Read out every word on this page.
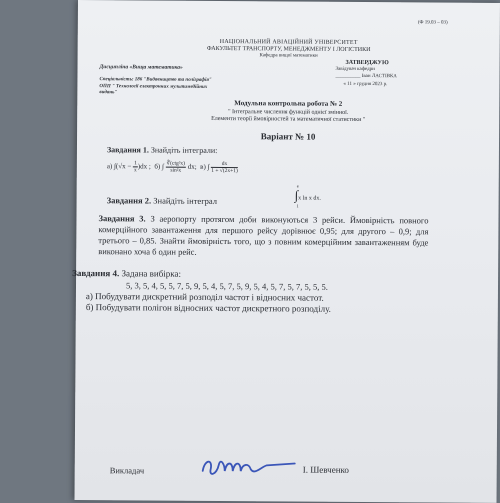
(Ф 19.03 – 03)
НАЦІОНАЛЬНИЙ АВІАЦІЙНИЙ УНІВЕРСИТЕТ
ФАКУЛЬТЕТ ТРАНСПОРТУ, МЕНЕДЖМЕНТУ І ЛОГІСТИКИ
Кафедра вищої математики
ЗАТВЕРДЖУЮ
Завідувач кафедри
__________ Іван ЛАСТІВКА
« 11 » грудня 2023 р.
Дисципліна «Вища математика»
Спеціальність: 186 "Видавництво та поліграфія"
ОПП " Технології електронних мультимедійних
видань"
Модульна контрольна робота № 2
" Інтегральне числення функцій однієї змінної.
Елементи теорії ймовірностей та математичної статистики "
Варіант № 10
Завдання 1. Знайдіть інтеграли:
а) $\int(√x - \frac{1}{x} )dx$ ; б) ∫ $\frac{\text{∜(ctg³x)}}{\text{sin²x}}$ dx; в) ∫ $\frac{dx}{1 + √(2x+1)}$
Завдання 2. Знайдіть інтеграл	∫x ln x dx.
e
1
Завдання 3. З аеропорту протягом доби виконуються 3 рейси. Ймовірність повного комерційного завантаження для першого рейсу дорівнює 0,95; для другого – 0,9; для третього – 0,85. Знайти ймовірність того, що з повним комерційним завантаженням буде виконано хоча б один рейс.
Завдання 4. Задана вибірка:
5, 3, 5, 4, 5, 5, 7, 5, 9, 5, 4, 5, 7, 5, 9, 5, 4, 5, 7, 5, 7, 5, 5, 5.
а) Побудувати дискретний розподіл частот і відносних частот.
б) Побудувати полігон відносних частот дискретного розподілу.
Викладач	І. Шевченко
